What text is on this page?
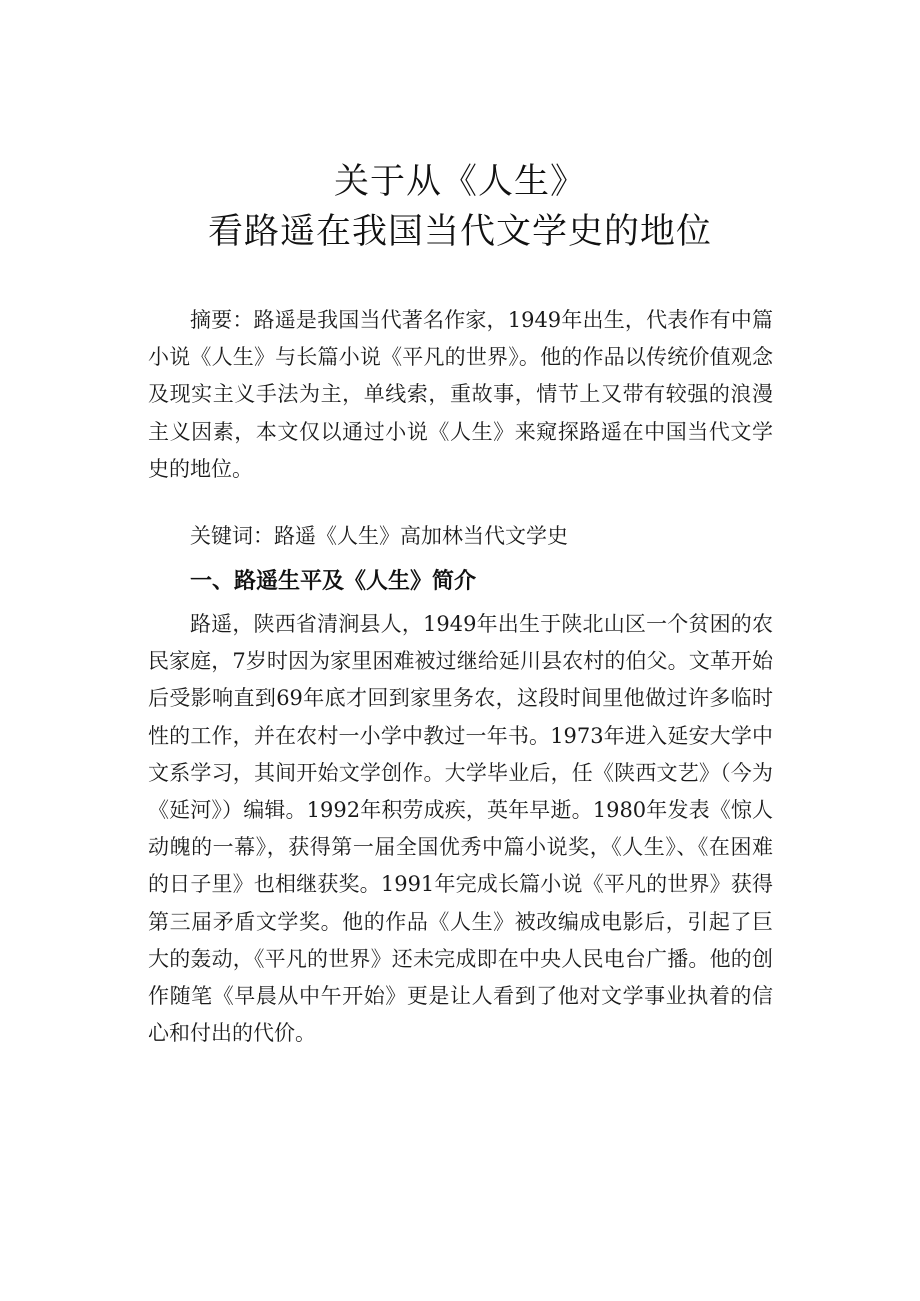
关于从《人生》
看路遥在我国当代文学史的地位

摘要：路遥是我国当代著名作家，1949年出生，代表作有中篇小说《人生》与长篇小说《平凡的世界》。他的作品以传统价值观念及现实主义手法为主，单线索，重故事，情节上又带有较强的浪漫主义因素，本文仅以通过小说《人生》来窥探路遥在中国当代文学史的地位。

关键词：路遥《人生》高加林当代文学史

一、路遥生平及《人生》简介

路遥，陕西省清涧县人，1949年出生于陕北山区一个贫困的农民家庭，7岁时因为家里困难被过继给延川县农村的伯父。文革开始后受影响直到69年底才回到家里务农，这段时间里他做过许多临时性的工作，并在农村一小学中教过一年书。1973年进入延安大学中文系学习，其间开始文学创作。大学毕业后，任《陕西文艺》（今为《延河》）编辑。1992年积劳成疾，英年早逝。1980年发表《惊人动魄的一幕》，获得第一届全国优秀中篇小说奖，《人生》、《在困难的日子里》也相继获奖。1991年完成长篇小说《平凡的世界》获得第三届矛盾文学奖。他的作品《人生》被改编成电影后，引起了巨大的轰动，《平凡的世界》还未完成即在中央人民电台广播。他的创作随笔《早晨从中午开始》更是让人看到了他对文学事业执着的信心和付出的代价。
